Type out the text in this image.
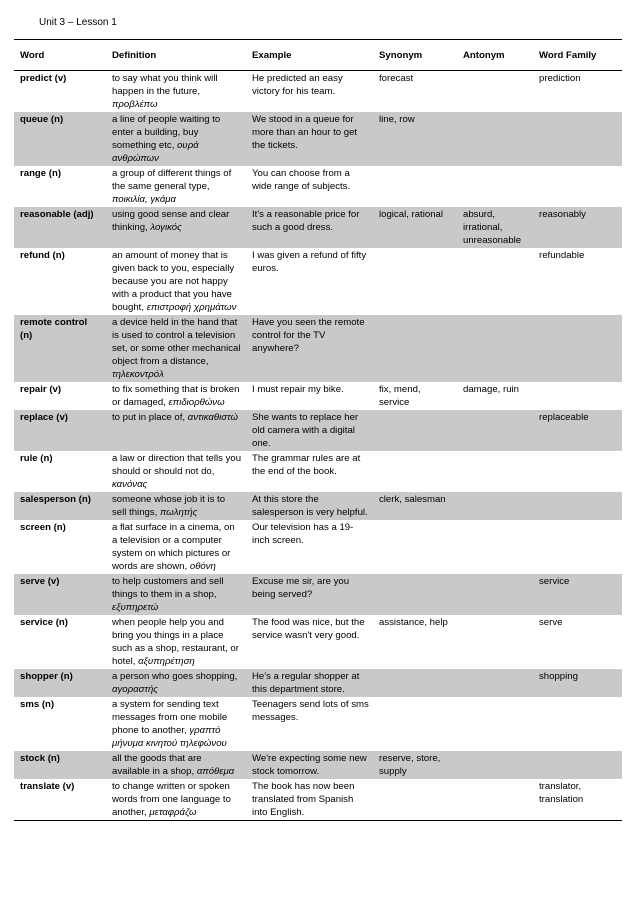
Unit 3 – Lesson 1
Word	Definition	Example	Synonym	Antonym	Word Family
predict (v)	to say what you think will happen in the future, προβλέπω	He predicted an easy victory for his team.	forecast		prediction
queue (n)	a line of people waiting to enter a building, buy something etc, ουρά ανθρώπων	We stood in a queue for more than an hour to get the tickets.	line, row		
range (n)	a group of different things of the same general type, ποικιλία, γκάμα	You can choose from a wide range of subjects.			
reasonable (adj)	using good sense and clear thinking, λογικός	It's a reasonable price for such a good dress.	logical, rational	absurd, irrational, unreasonable	reasonably
refund (n)	an amount of money that is given back to you, especially because you are not happy with a product that you have bought, επιστροφή χρημάτων	I was given a refund of fifty euros.			refundable
remote control (n)	a device held in the hand that is used to control a television set, or some other mechanical object from a distance, τηλεκοντρόλ	Have you seen the remote control for the TV anywhere?			
repair (v)	to fix something that is broken or damaged, επιδιορθώνω	I must repair my bike.	fix, mend, service	damage, ruin	
replace (v)	to put in place of, αντικαθιστώ	She wants to replace her old camera with a digital one.			replaceable
rule (n)	a law or direction that tells you should or should not do, κανόνας	The grammar rules are at the end of the book.			
salesperson (n)	someone whose job it is to sell things, πωλητής	At this store the salesperson is very helpful.	clerk, salesman		
screen (n)	a flat surface in a cinema, on a television or a computer system on which pictures or words are shown, οθόνη	Our television has a 19-inch screen.			
serve (v)	to help customers and sell things to them in a shop, εξυπηρετώ	Excuse me sir, are you being served?			service
service (n)	when people help you and bring you things in a place such as a shop, restaurant, or hotel, αξυπηρέτηση	The food was nice, but the service wasn't very good.	assistance, help		serve
shopper (n)	a person who goes shopping, αγοραστής	He's a regular shopper at this department store.			shopping
sms (n)	a system for sending text messages from one mobile phone to another, γραπτό μήνυμα κινητού τηλεφώνου	Teenagers send lots of sms messages.			
stock (n)	all the goods that are available in a shop, απόθεμα	We're expecting some new stock tomorrow.	reserve, store, supply		
translate (v)	to change written or spoken words from one language to another, μεταφράζω	The book has now been translated from Spanish into English.			translator, translation
